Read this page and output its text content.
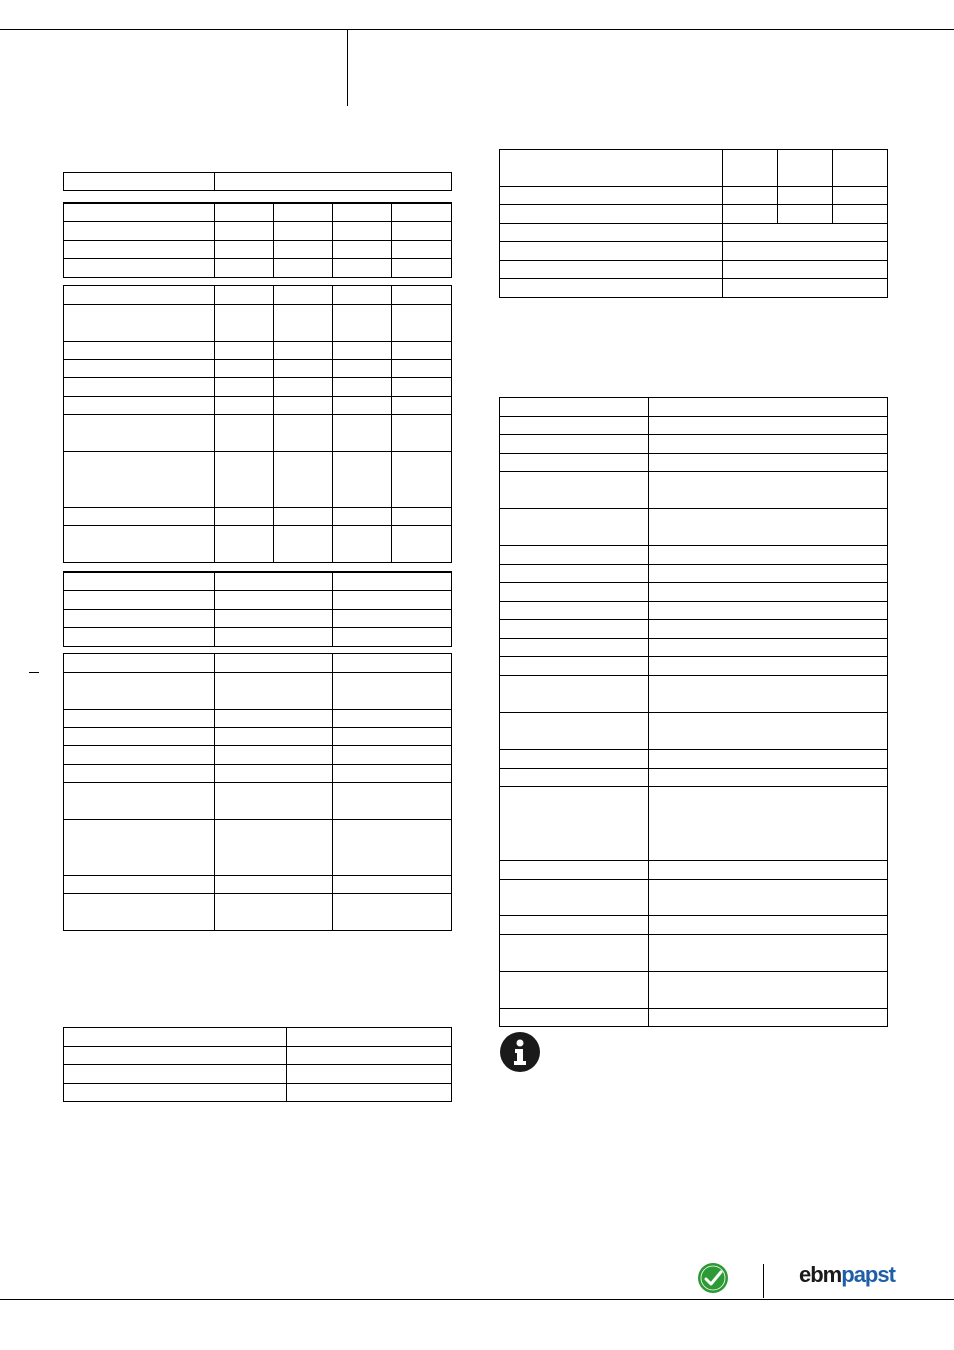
ebmpapst
